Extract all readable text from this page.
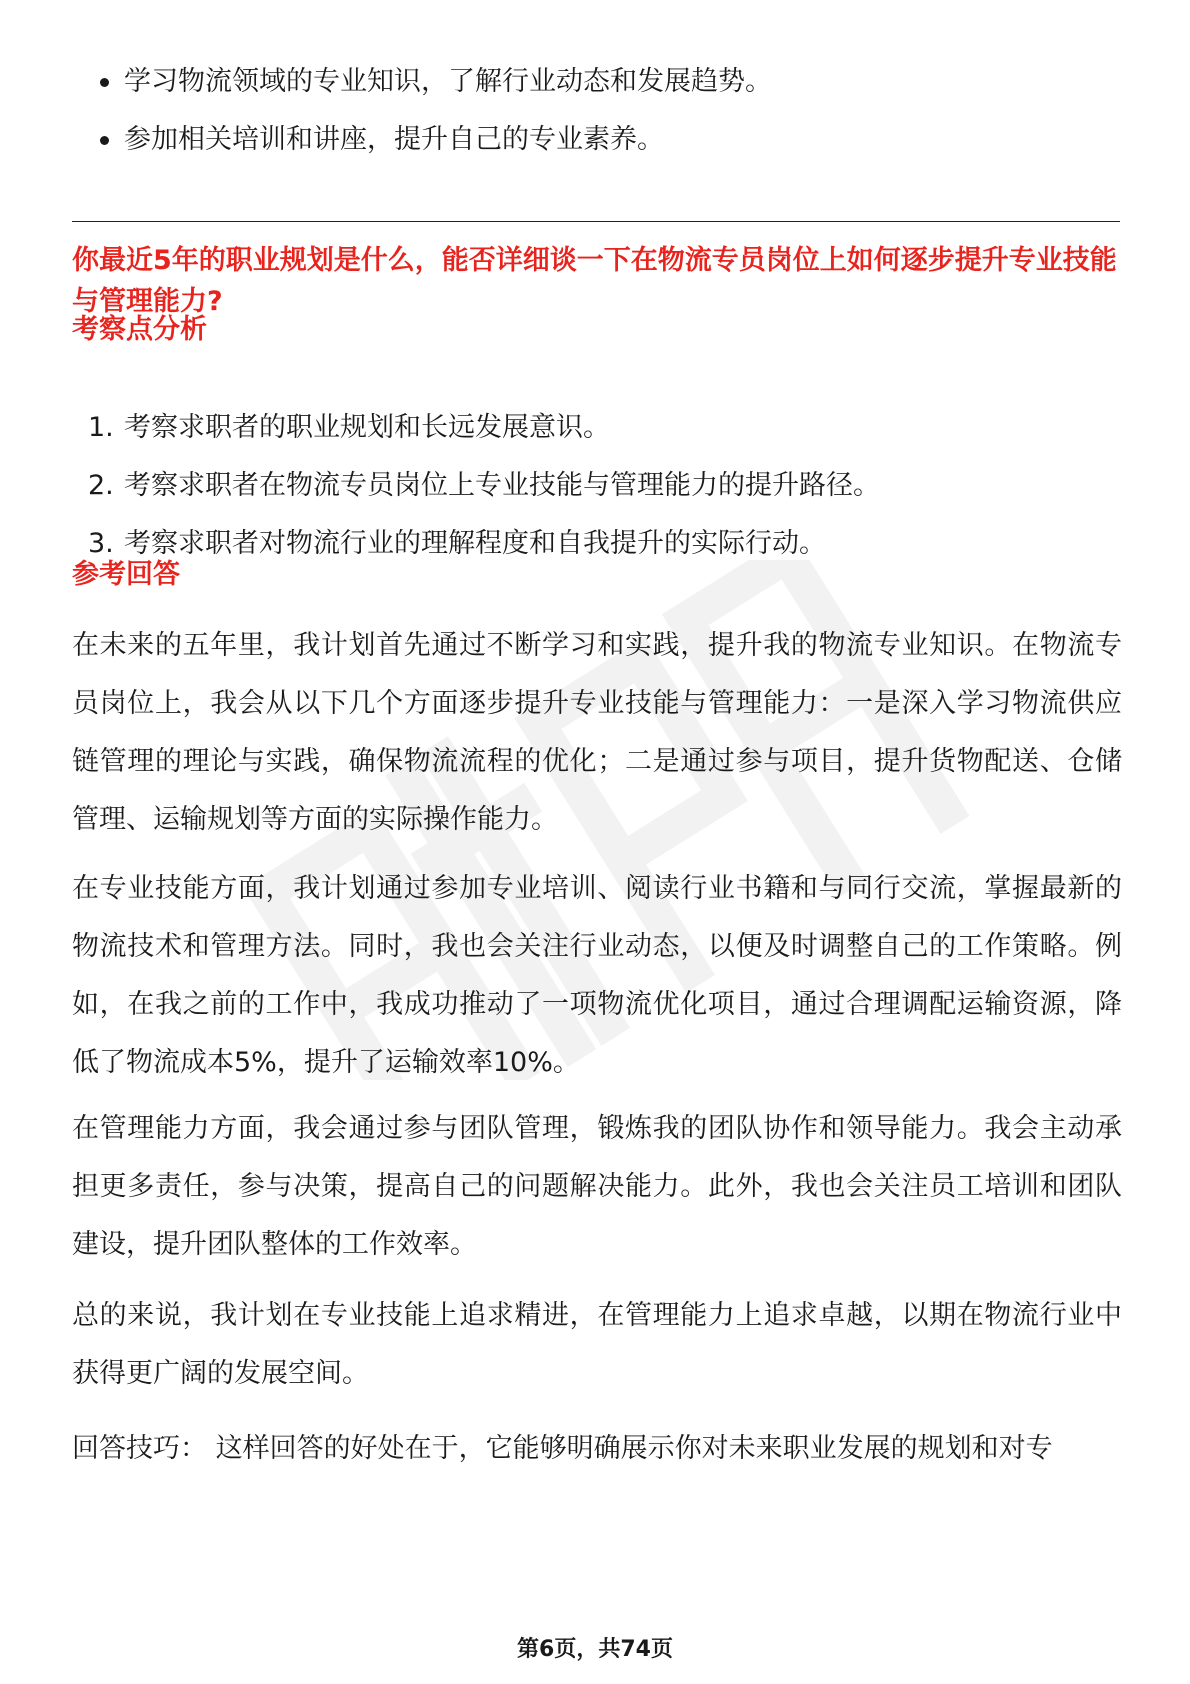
学习物流领域的专业知识，了解行业动态和发展趋势。
参加相关培训和讲座，提升自己的专业素养。

你最近5年的职业规划是什么，能否详细谈一下在物流专员岗位上如何逐步提升专业技能与管理能力?

考察点分析

1. 考察求职者的职业规划和长远发展意识。
2. 考察求职者在物流专员岗位上专业技能与管理能力的提升路径。
3. 考察求职者对物流行业的理解程度和自我提升的实际行动。

参考回答

在未来的五年里，我计划首先通过不断学习和实践，提升我的物流专业知识。在物流专员岗位上，我会从以下几个方面逐步提升专业技能与管理能力：一是深入学习物流供应链管理的理论与实践，确保物流流程的优化；二是通过参与项目，提升货物配送、仓储管理、运输规划等方面的实际操作能力。

在专业技能方面，我计划通过参加专业培训、阅读行业书籍和与同行交流，掌握最新的物流技术和管理方法。同时，我也会关注行业动态，以便及时调整自己的工作策略。例如，在我之前的工作中，我成功推动了一项物流优化项目，通过合理调配运输资源，降低了物流成本5%，提升了运输效率10%。

在管理能力方面，我会通过参与团队管理，锻炼我的团队协作和领导能力。我会主动承担更多责任，参与决策，提高自己的问题解决能力。此外，我也会关注员工培训和团队建设，提升团队整体的工作效率。

总的来说，我计划在专业技能上追求精进，在管理能力上追求卓越，以期在物流行业中获得更广阔的发展空间。

回答技巧： 这样回答的好处在于，它能够明确展示你对未来职业发展的规划和对专

第6页，共74页
